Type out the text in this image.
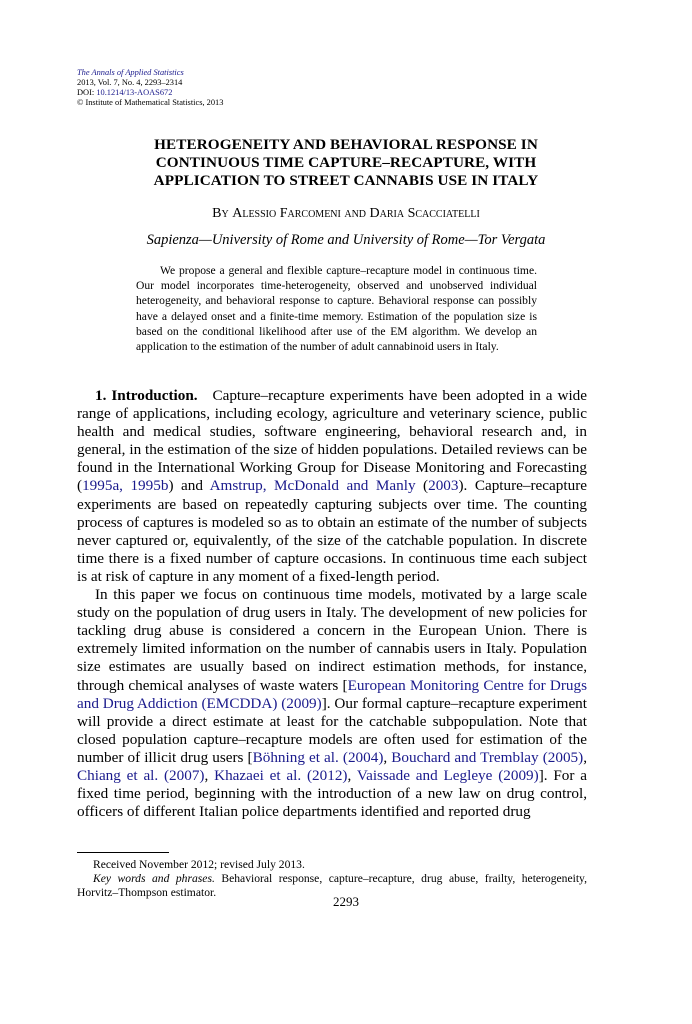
The Annals of Applied Statistics
2013, Vol. 7, No. 4, 2293–2314
DOI: 10.1214/13-AOAS672
© Institute of Mathematical Statistics, 2013
HETEROGENEITY AND BEHAVIORAL RESPONSE IN
CONTINUOUS TIME CAPTURE–RECAPTURE, WITH
APPLICATION TO STREET CANNABIS USE IN ITALY
By Alessio Farcomeni and Daria Scacciatelli
Sapienza—University of Rome and University of Rome—Tor Vergata

We propose a general and flexible capture–recapture model in continuous time. Our model incorporates time-heterogeneity, observed and unobserved individual heterogeneity, and behavioral response to capture. Behavioral response can possibly have a delayed onset and a finite-time memory. Estimation of the population size is based on the conditional likelihood after use of the EM algorithm. We develop an application to the estimation of the number of adult cannabinoid users in Italy.

1. Introduction. Capture–recapture experiments have been adopted in a wide range of applications, including ecology, agriculture and veterinary science, public health and medical studies, software engineering, behavioral research and, in general, in the estimation of the size of hidden populations. Detailed reviews can be found in the International Working Group for Disease Monitoring and Forecasting (1995a, 1995b) and Amstrup, McDonald and Manly (2003). Capture–recapture experiments are based on repeatedly capturing subjects over time. The counting process of captures is modeled so as to obtain an estimate of the number of subjects never captured or, equivalently, of the size of the catchable population. In discrete time there is a fixed number of capture occasions. In continuous time each subject is at risk of capture in any moment of a fixed-length period.

In this paper we focus on continuous time models, motivated by a large scale study on the population of drug users in Italy. The development of new policies for tackling drug abuse is considered a concern in the European Union. There is extremely limited information on the number of cannabis users in Italy. Population size estimates are usually based on indirect estimation methods, for instance, through chemical analyses of waste waters [European Monitoring Centre for Drugs and Drug Addiction (EMCDDA) (2009)]. Our formal capture–recapture experiment will provide a direct estimate at least for the catchable subpopulation. Note that closed population capture–recapture models are often used for estimation of the number of illicit drug users [Böhning et al. (2004), Bouchard and Tremblay (2005), Chiang et al. (2007), Khazaei et al. (2012), Vaissade and Legleye (2009)]. For a fixed time period, beginning with the introduction of a new law on drug control, officers of different Italian police departments identified and reported drug

Received November 2012; revised July 2013.

Key words and phrases. Behavioral response, capture–recapture, drug abuse, frailty, heterogeneity, Horvitz–Thompson estimator.

2293
